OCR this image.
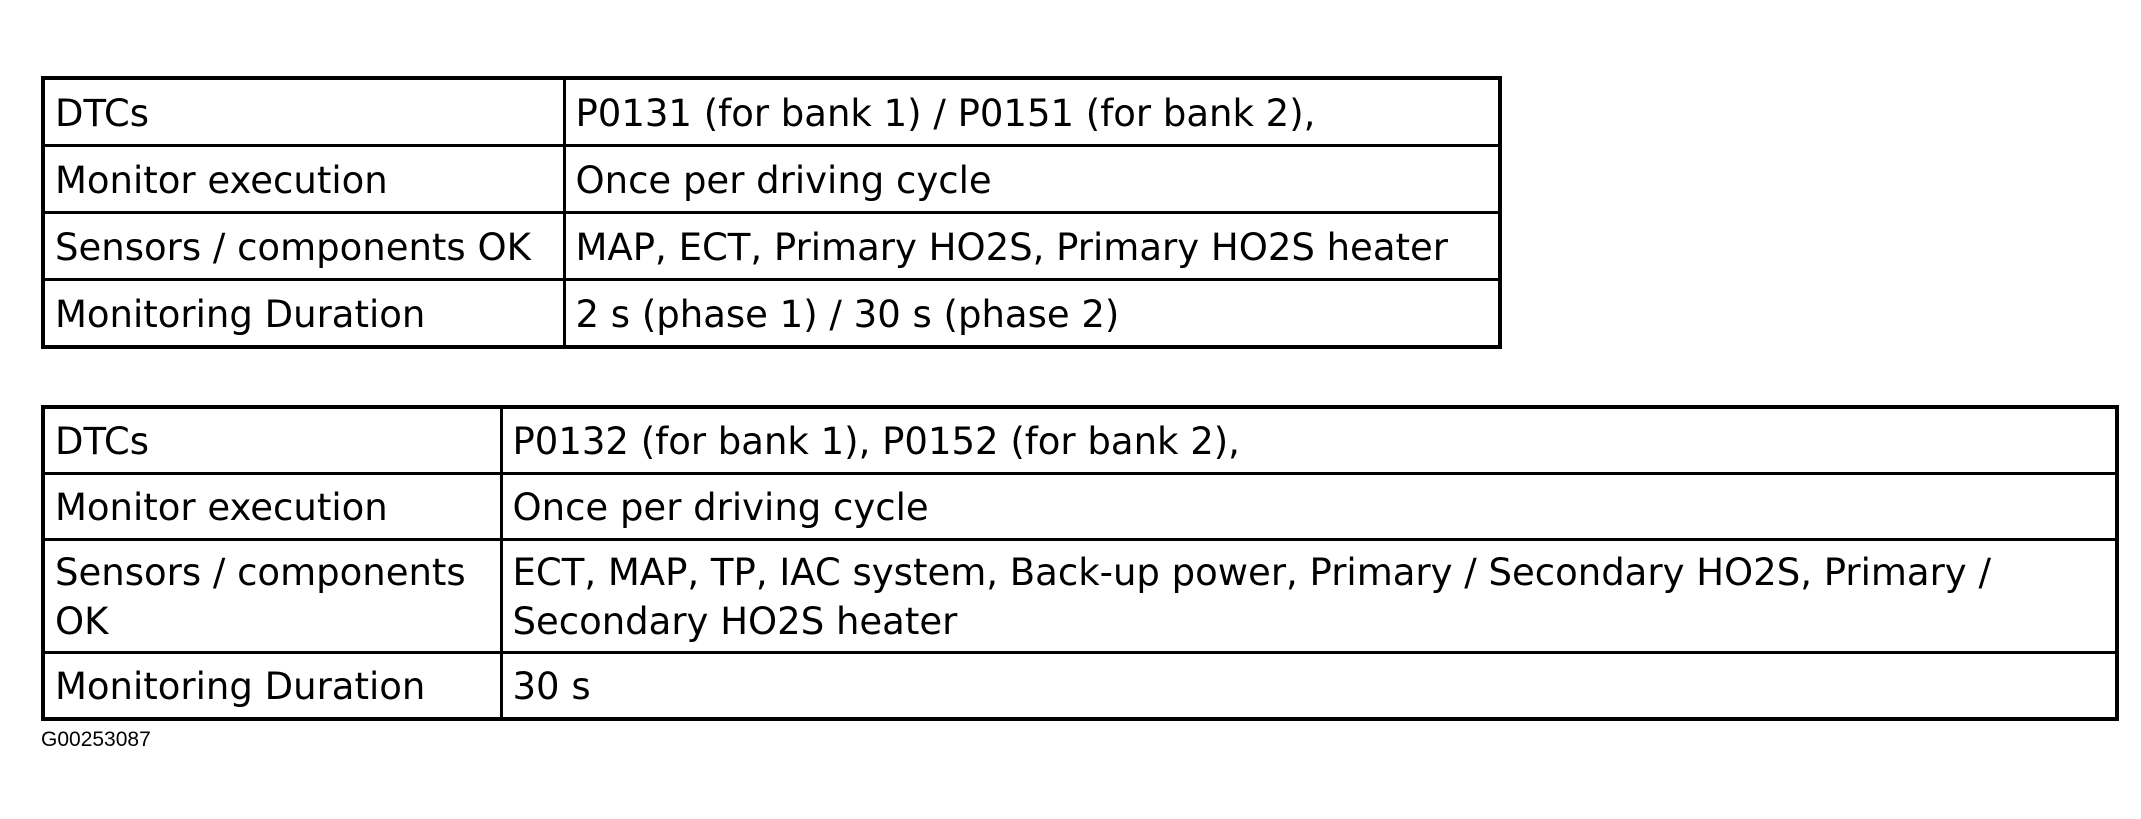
DTCs	P0131 (for bank 1) / P0151 (for bank 2),
Monitor execution	Once per driving cycle
Sensors / components OK	MAP, ECT, Primary HO2S, Primary HO2S heater
Monitoring Duration	2 s (phase 1) / 30 s (phase 2)
DTCs	P0132 (for bank 1), P0152 (for bank 2),
Monitor execution	Once per driving cycle
Sensors / components OK	ECT, MAP, TP, IAC system, Back-up power, Primary / Secondary HO2S, Primary / Secondary HO2S heater
Monitoring Duration	30 s
G00253087
